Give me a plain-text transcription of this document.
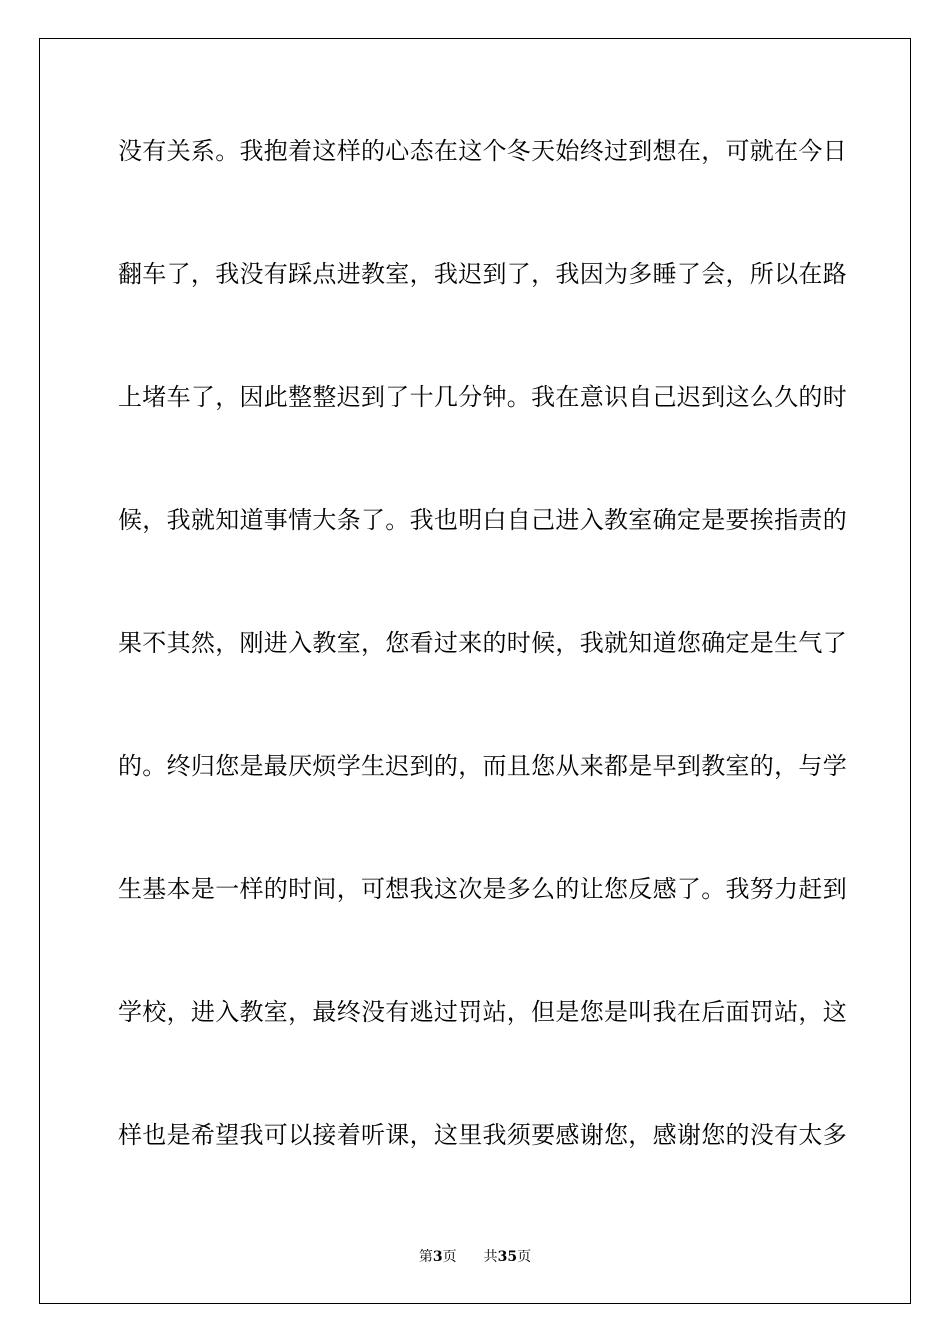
没有关系。我抱着这样的心态在这个冬天始终过到想在，可就在今日
翻车了，我没有踩点进教室，我迟到了，我因为多睡了会，所以在路
上堵车了，因此整整迟到了十几分钟。我在意识自己迟到这么久的时
候，我就知道事情大条了。我也明白自己进入教室确定是要挨指责的
果不其然，刚进入教室，您看过来的时候，我就知道您确定是生气了
的。终归您是最厌烦学生迟到的，而且您从来都是早到教室的，与学
生基本是一样的时间，可想我这次是多么的让您反感了。我努力赶到
学校，进入教室，最终没有逃过罚站，但是您是叫我在后面罚站，这
样也是希望我可以接着听课，这里我须要感谢您，感谢您的没有太多
第3页 共35页
